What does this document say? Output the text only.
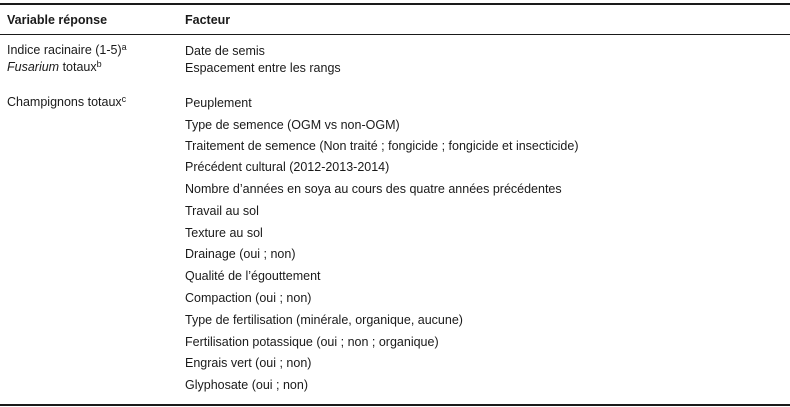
Variable réponse	Facteur
Indice racinaire $(1-5)^a$
Fusarium totaux$^b$
Date de semis
Espacement entre les rangs
Champignons totaux$^c$	Peuplement
Type de semence (OGM vs non-OGM)
Traitement de semence (Non traité ; fongicide ; fongicide et insecticide)
Précédent cultural (2012-2013-2014)
Nombre d’années en soya au cours des quatre années précédentes
Travail au sol
Texture au sol
Drainage (oui ; non)
Qualité de l’égouttement
Compaction (oui ; non)
Type de fertilisation (minérale, organique, aucune)
Fertilisation potassique (oui ; non ; organique)
Engrais vert (oui ; non)
Glyphosate (oui ; non)
